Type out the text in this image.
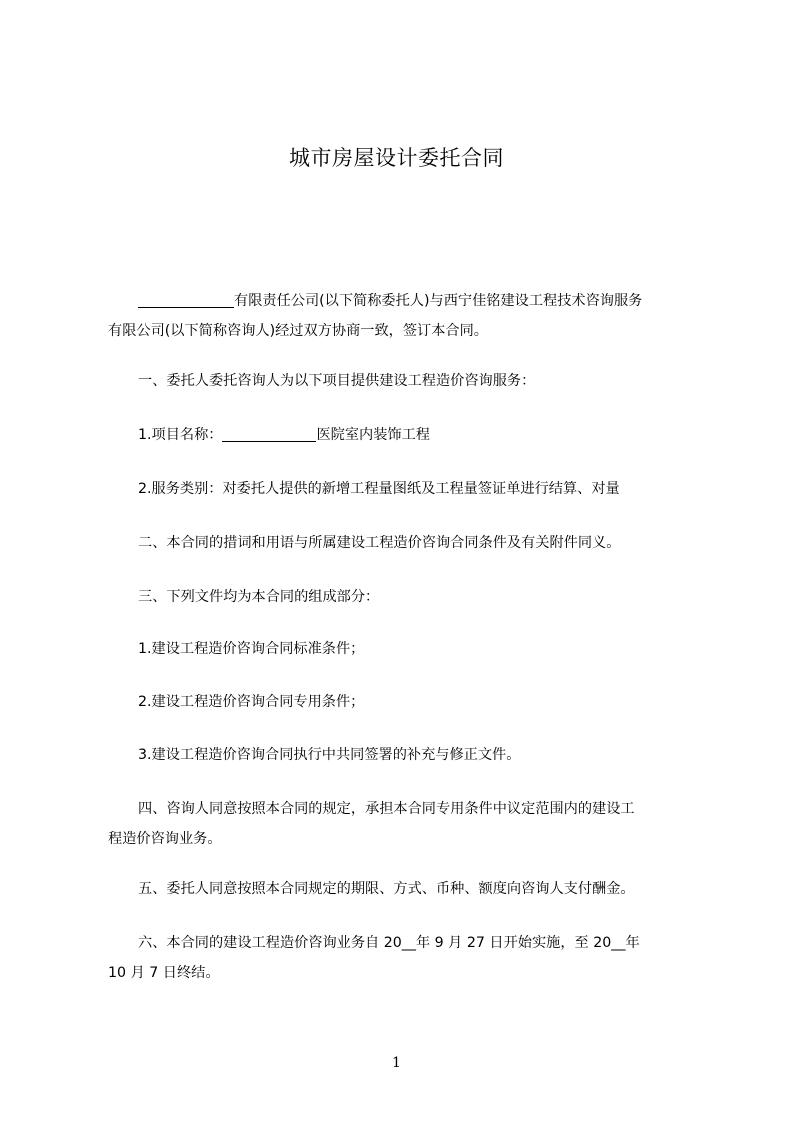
城市房屋设计委托合同

有限责任公司(以下简称委托人)与西宁佳铭建设工程技术咨询服务
有限公司(以下简称咨询人)经过双方协商一致，签订本合同。

一、委托人委托咨询人为以下项目提供建设工程造价咨询服务：

1.项目名称：	医院室内装饰工程

2.服务类别：对委托人提供的新增工程量图纸及工程量签证单进行结算、对量

二、本合同的措词和用语与所属建设工程造价咨询合同条件及有关附件同义。

三、下列文件均为本合同的组成部分：

1.建设工程造价咨询合同标准条件；

2.建设工程造价咨询合同专用条件；

3.建设工程造价咨询合同执行中共同签署的补充与修正文件。

四、咨询人同意按照本合同的规定，承担本合同专用条件中议定范围内的建设工
程造价咨询业务。

五、委托人同意按照本合同规定的期限、方式、币种、额度向咨询人支付酬金。

六、本合同的建设工程造价咨询业务自 20__年 9 月 27 日开始实施，至 20__年
10 月 7 日终结。

1
